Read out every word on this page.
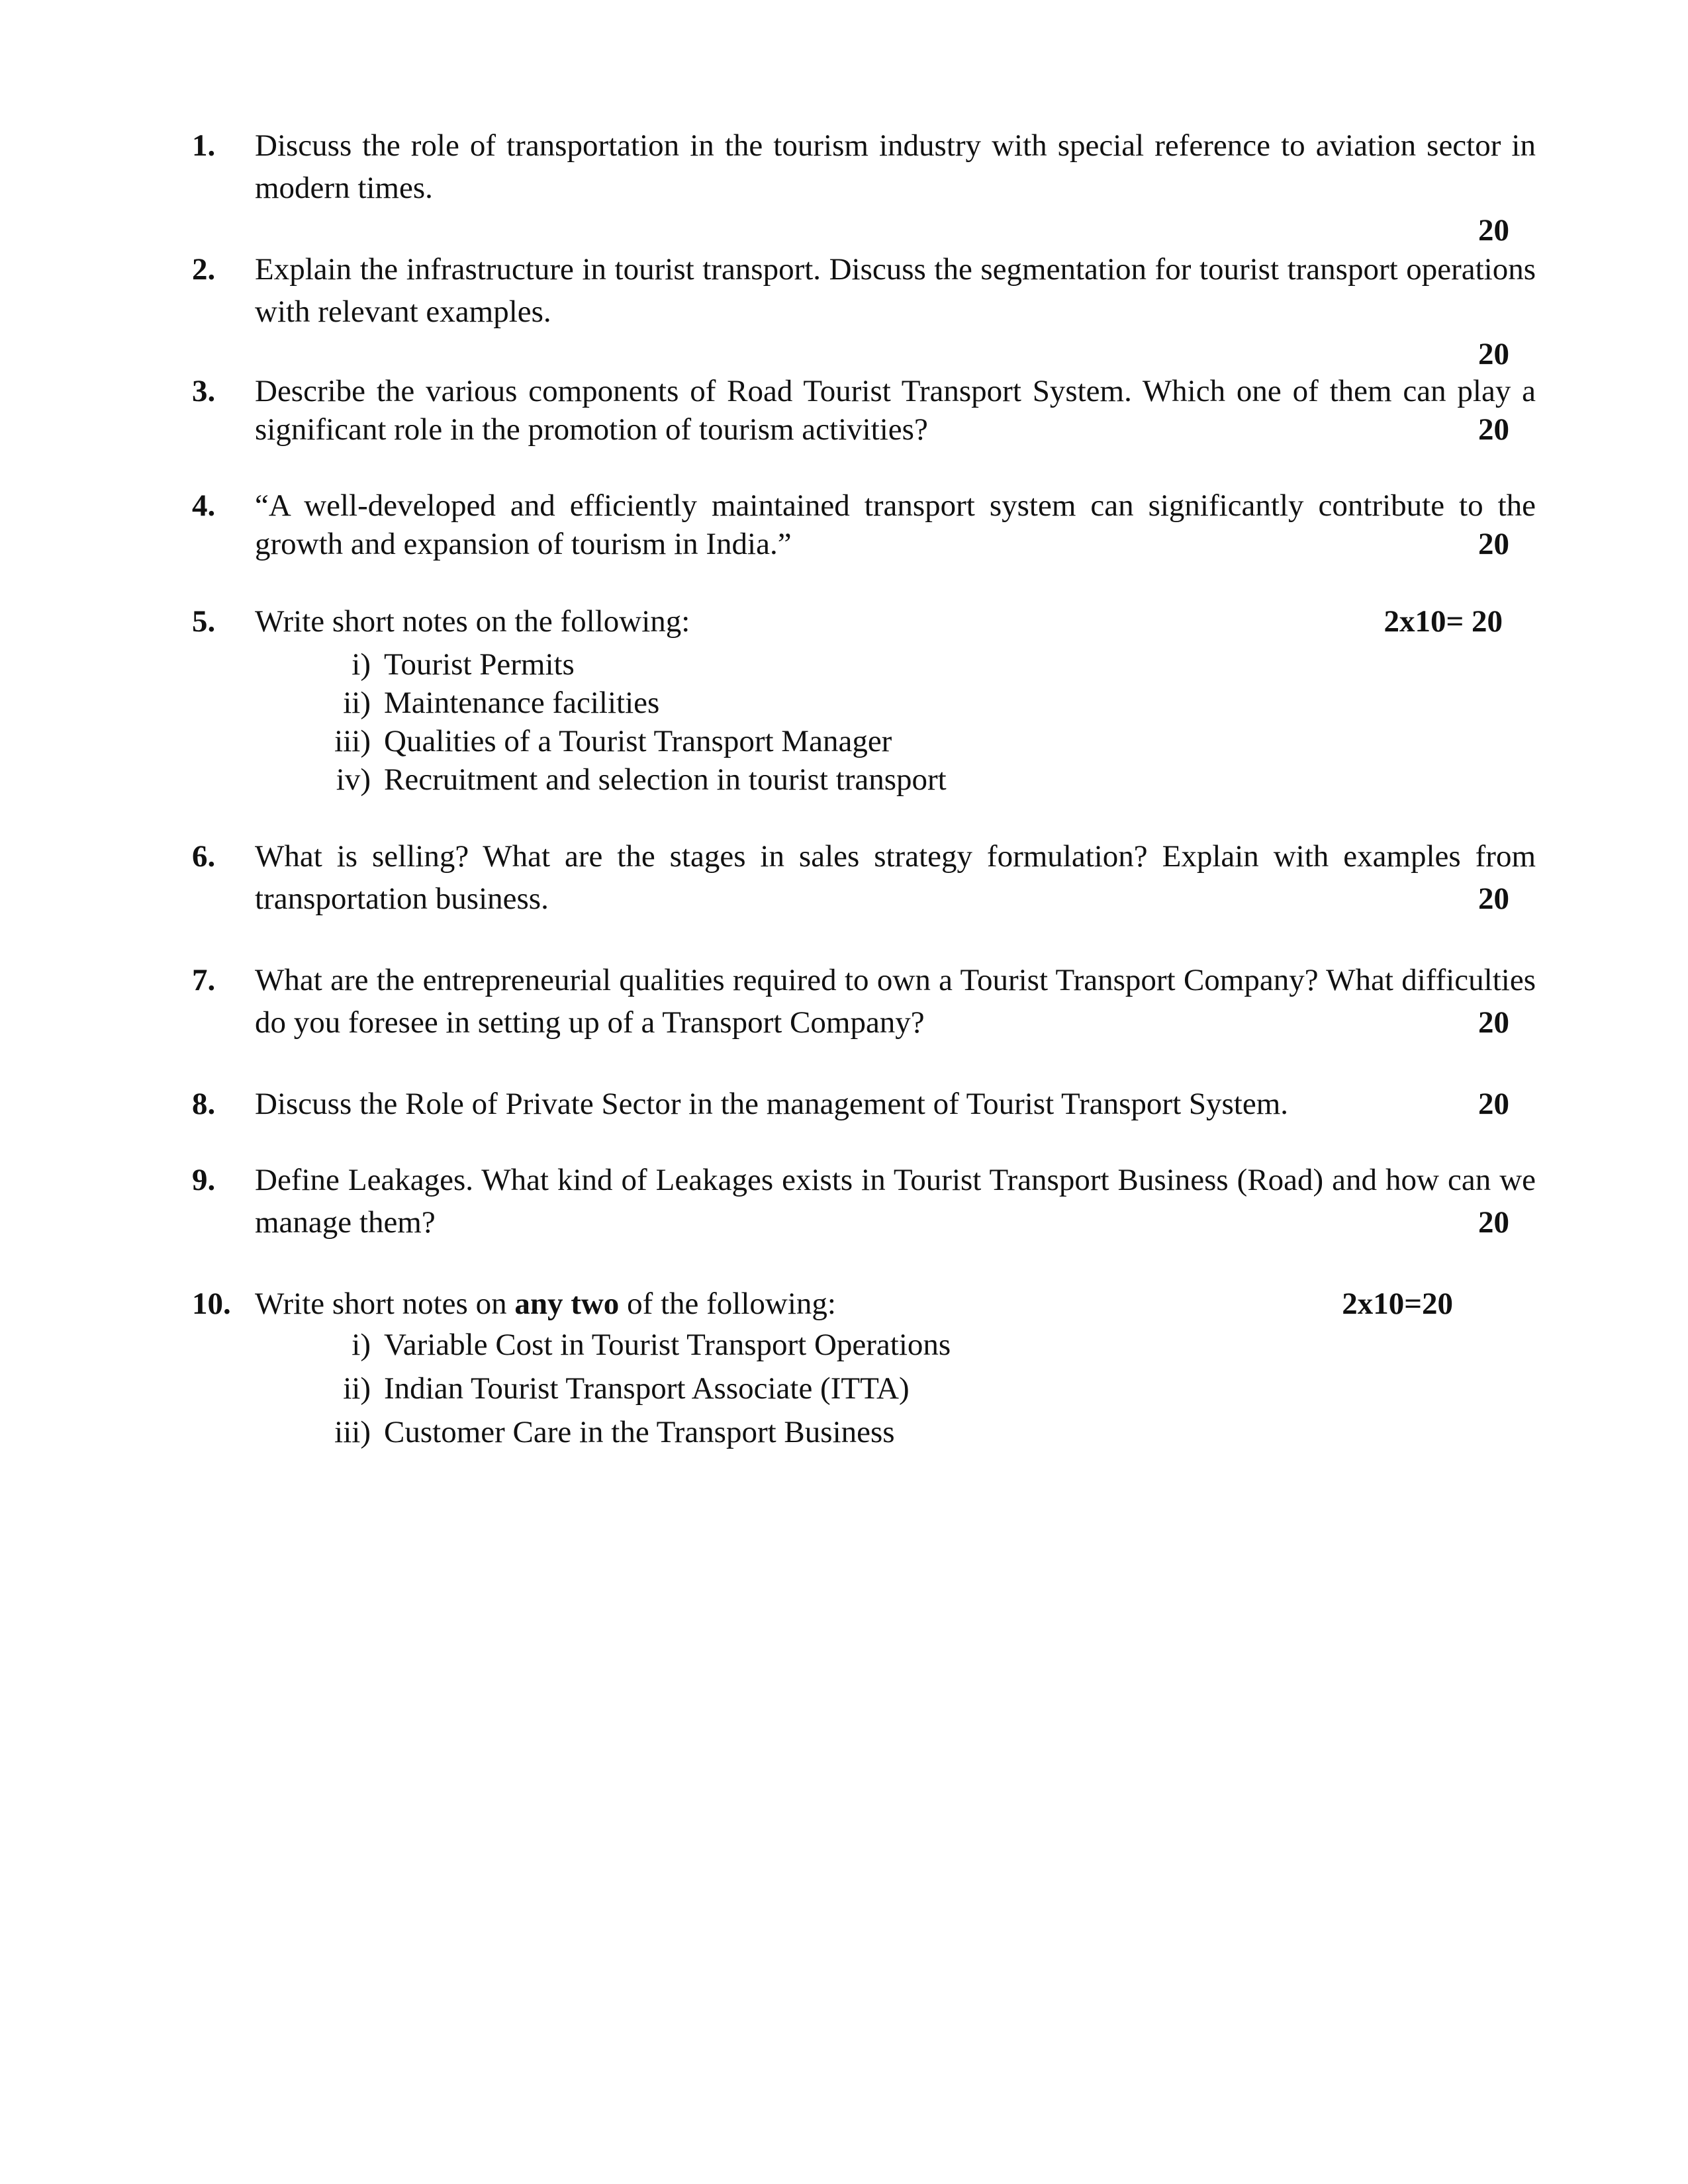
1. Discuss the role of transportation in the tourism industry with special reference to aviation sector in modern times.
20
2. Explain the infrastructure in tourist transport. Discuss the segmentation for tourist transport operations with relevant examples.
20
3. Describe the various components of Road Tourist Transport System. Which one of them can play a significant role in the promotion of tourism activities?	20
4. “A well-developed and efficiently maintained transport system can significantly contribute to the growth and expansion of tourism in India.”	20
5. Write short notes on the following:	2x10= 20
i) Tourist Permits
ii) Maintenance facilities
iii) Qualities of a Tourist Transport Manager
iv) Recruitment and selection in tourist transport
6. What is selling? What are the stages in sales strategy formulation? Explain with examples from transportation business.	20
7. What are the entrepreneurial qualities required to own a Tourist Transport Company? What difficulties do you foresee in setting up of a Transport Company?	20
8. Discuss the Role of Private Sector in the management of Tourist Transport System.	20
9. Define Leakages. What kind of Leakages exists in Tourist Transport Business (Road) and how can we manage them?	20
10. Write short notes on any two of the following:	2x10=20
i) Variable Cost in Tourist Transport Operations
ii) Indian Tourist Transport Associate (ITTA)
iii) Customer Care in the Transport Business
